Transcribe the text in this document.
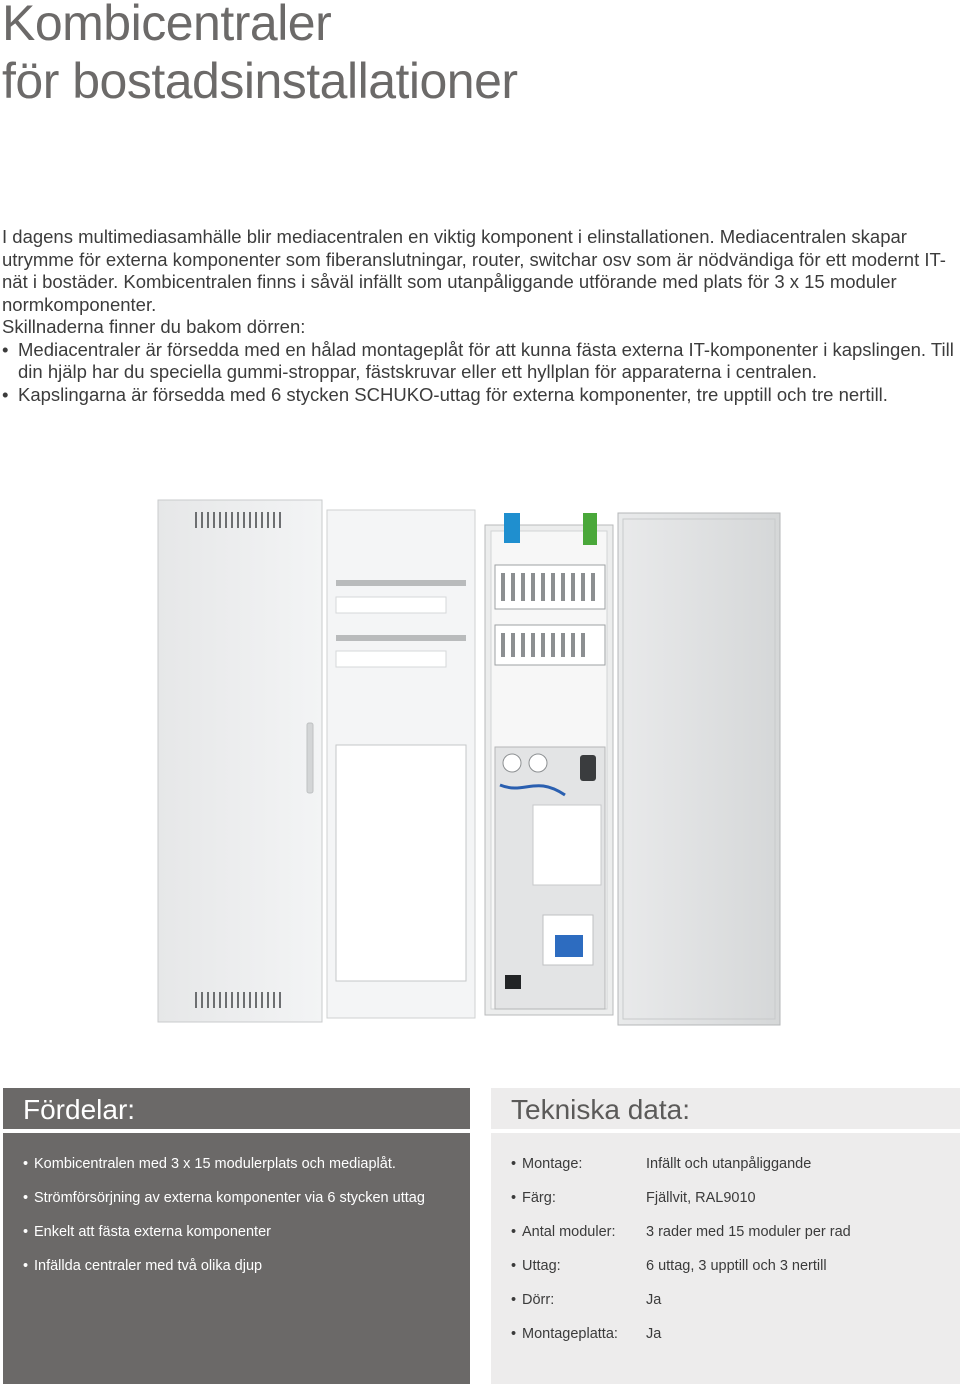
Kombicentraler
för bostadsinstallationer

I dagens multimediasamhälle blir mediacentralen en viktig komponent i elinstallationen. Mediacentralen skapar utrymme för externa komponenter som fiberanslutningar, router, switchar osv som är nödvändiga för ett modernt IT-nät i bostäder. Kombicentralen finns i såväl infällt som utanpåliggande utförande med plats för 3 x 15 moduler normkomponenter.

Skillnaderna finner du bakom dörren:

• Mediacentraler är försedda med en hålad montageplåt för att kunna fästa externa IT-komponenter i kapslingen. Till din hjälp har du speciella gummi-stroppar, fästskruvar eller ett hyllplan för apparaterna i centralen.
• Kapslingarna är försedda med 6 stycken SCHUKO-uttag för externa komponenter, tre upptill och tre nertill.
Fördelar:
• Kombicentralen med 3 x 15 modulerplats och mediaplåt.
• Strömförsörjning av externa komponenter via 6 stycken uttag
• Enkelt att fästa externa komponenter
• Infällda centraler med två olika djup
Tekniska data:
• Montage:	Infällt och utanpåliggande
• Färg:	Fjällvit, RAL9010
• Antal moduler:	3 rader med 15 moduler per rad
• Uttag:	6 uttag, 3 upptill och 3 nertill
• Dörr:	Ja
• Montageplatta:	Ja
